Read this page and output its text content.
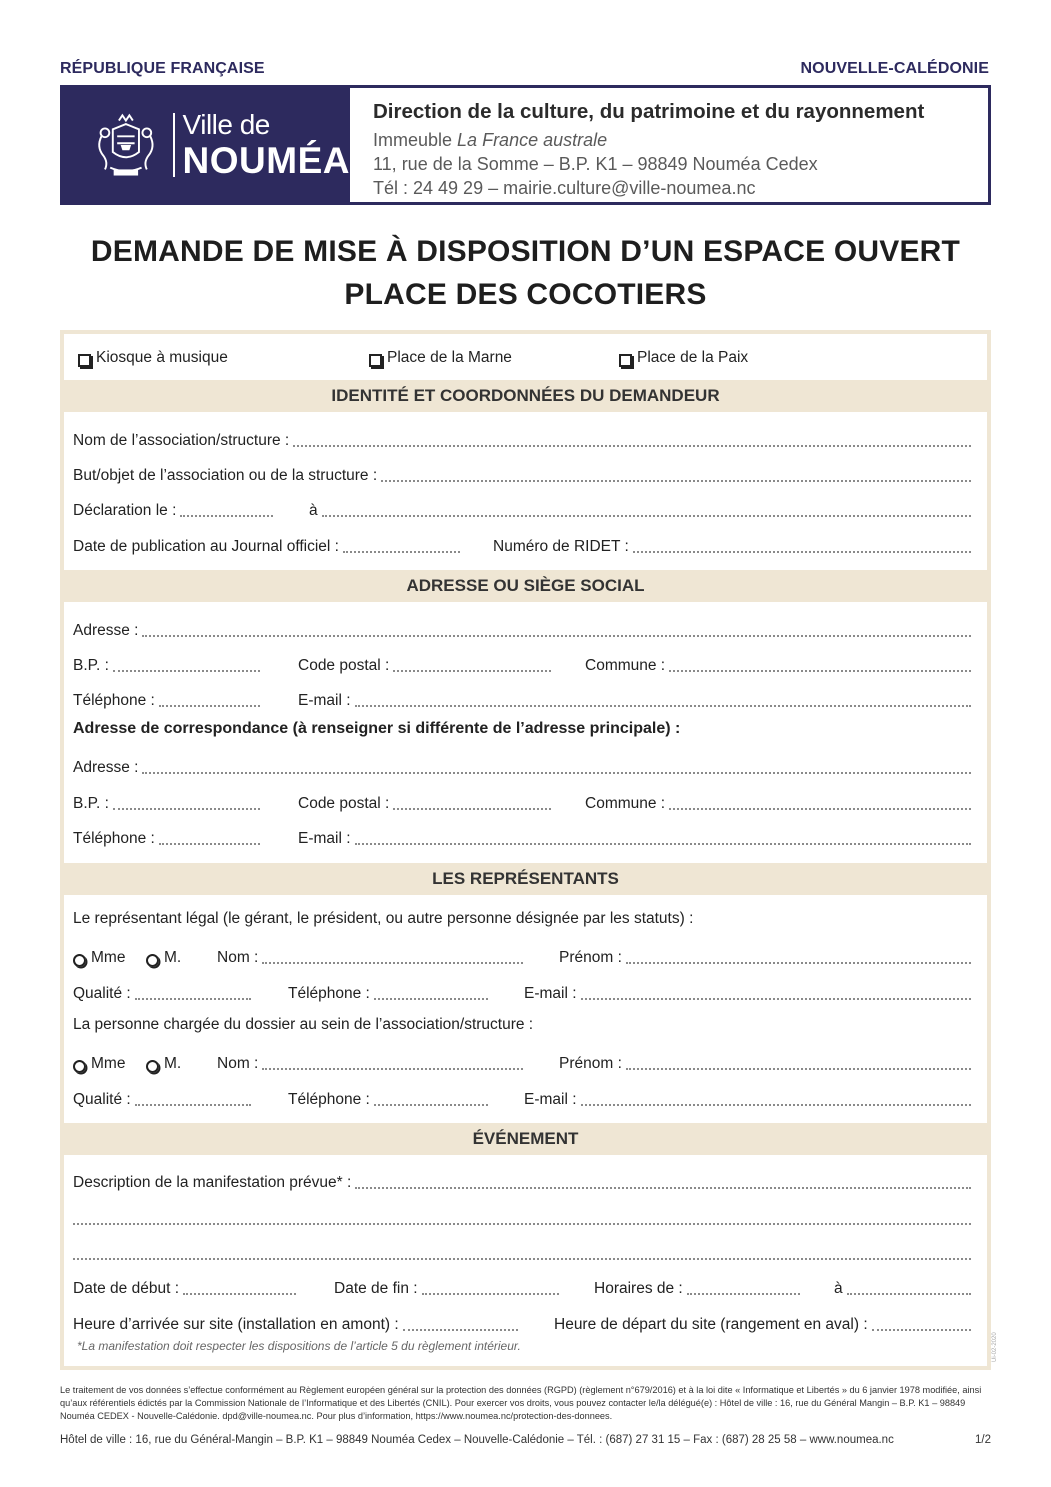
RÉPUBLIQUE FRANÇAISE	NOUVELLE-CALÉDONIE
Ville de
NOUMÉA
Direction de la culture, du patrimoine et du rayonnement
Immeuble La France australe
11, rue de la Somme – B.P. K1 – 98849 Nouméa Cedex
Tél : 24 49 29 – mairie.culture@ville-noumea.nc
DEMANDE DE MISE À DISPOSITION D’UN ESPACE OUVERT
PLACE DES COCOTIERS
Kiosque à musique	Place de la Marne	Place de la Paix
IDENTITÉ ET COORDONNÉES DU DEMANDEUR
Nom de l’association/structure :
But/objet de l’association ou de la structure :
Déclaration le :	à
Date de publication au Journal officiel :	Numéro de RIDET :
ADRESSE OU SIÈGE SOCIAL
Adresse :
B.P. :	Code postal :	Commune :
Téléphone :	E-mail :
Adresse de correspondance (à renseigner si différente de l’adresse principale) :
Adresse :
B.P. :	Code postal :	Commune :
Téléphone :	E-mail :
LES REPRÉSENTANTS
Le représentant légal (le gérant, le président, ou autre personne désignée par les statuts) :
Mme M. Nom :	Prénom :
Qualité :	Téléphone :	E-mail :
La personne chargée du dossier au sein de l’association/structure :
Mme M. Nom :	Prénom :
Qualité :	Téléphone :	E-mail :
ÉVÉNEMENT
Description de la manifestation prévue* :
Date de début :	Date de fin :	Horaires de :	à
Heure d’arrivée sur site (installation en amont) :	Heure de départ du site (rangement en aval) :
*La manifestation doit respecter les dispositions de l’article 5 du règlement intérieur.	Ui-02-2020
Le traitement de vos données s’effectue conformément au Règlement européen général sur la protection des données (RGPD) (règlement n°679/2016) et à la loi dite « Informatique et Libertés » du 6 janvier 1978 modifiée, ainsi qu’aux référentiels édictés par la Commission Nationale de l’Informatique et des Libertés (CNIL). Pour exercer vos droits, vous pouvez contacter le/la délégué(e) : Hôtel de ville : 16, rue du Général Mangin – B.P. K1 – 98849 Nouméa CEDEX - Nouvelle-Calédonie. dpd@ville-noumea.nc. Pour plus d’information, https://www.noumea.nc/protection-des-donnees.
Hôtel de ville : 16, rue du Général-Mangin – B.P. K1 – 98849 Nouméa Cedex – Nouvelle-Calédonie – Tél. : (687) 27 31 15 – Fax : (687) 28 25 58 – www.noumea.nc	1/2
